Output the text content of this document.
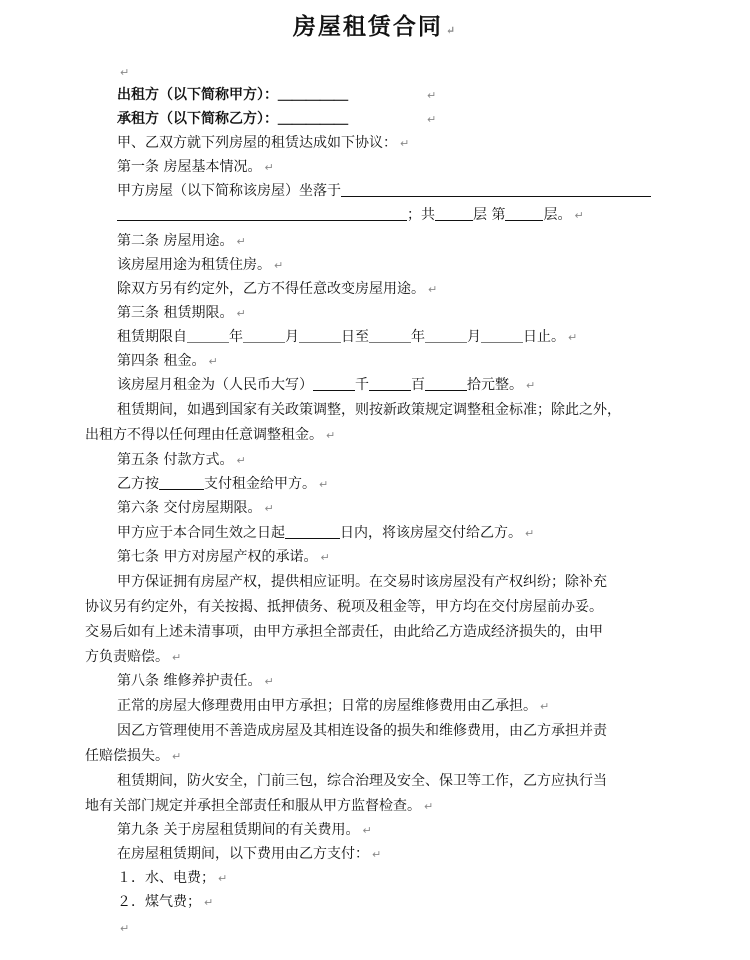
房屋租赁合同 ↵
↵
出租方（以下简称甲方）：＿＿＿＿＿	↵
承租方（以下简称乙方）：＿＿＿＿＿	↵
甲、乙双方就下列房屋的租赁达成如下协议： ↵
第一条 房屋基本情况。 ↵
甲方房屋（以下简称该房屋）坐落于
；共	层 第	层。 ↵
第二条 房屋用途。 ↵
该房屋用途为租赁住房。 ↵
除双方另有约定外，乙方不得任意改变房屋用途。 ↵
第三条 租赁期限。 ↵
租赁期限自＿＿＿年＿＿＿月＿＿＿日至＿＿＿年＿＿＿月＿＿＿日止。 ↵
第四条 租金。 ↵
该房屋月租金为（人民币大写）	千	百	拾元整。 ↵
租赁期间，如遇到国家有关政策调整，则按新政策规定调整租金标准；除此之外，
出租方不得以任何理由任意调整租金。 ↵
第五条 付款方式。 ↵
乙方按	支付租金给甲方。 ↵
第六条 交付房屋期限。 ↵
甲方应于本合同生效之日起	日内，将该房屋交付给乙方。 ↵
第七条 甲方对房屋产权的承诺。 ↵
甲方保证拥有房屋产权，提供相应证明。在交易时该房屋没有产权纠纷；除补充
协议另有约定外，有关按揭、抵押债务、税项及租金等，甲方均在交付房屋前办妥。
交易后如有上述未清事项，由甲方承担全部责任，由此给乙方造成经济损失的，由甲
方负责赔偿。 ↵
第八条 维修养护责任。 ↵
正常的房屋大修理费用由甲方承担；日常的房屋维修费用由乙承担。 ↵
因乙方管理使用不善造成房屋及其相连设备的损失和维修费用，由乙方承担并责
任赔偿损失。 ↵
租赁期间，防火安全，门前三包，综合治理及安全、保卫等工作，乙方应执行当
地有关部门规定并承担全部责任和服从甲方监督检查。 ↵
第九条 关于房屋租赁期间的有关费用。 ↵
在房屋租赁期间，以下费用由乙方支付： ↵
１．水、电费； ↵
２．煤气费； ↵
↵
